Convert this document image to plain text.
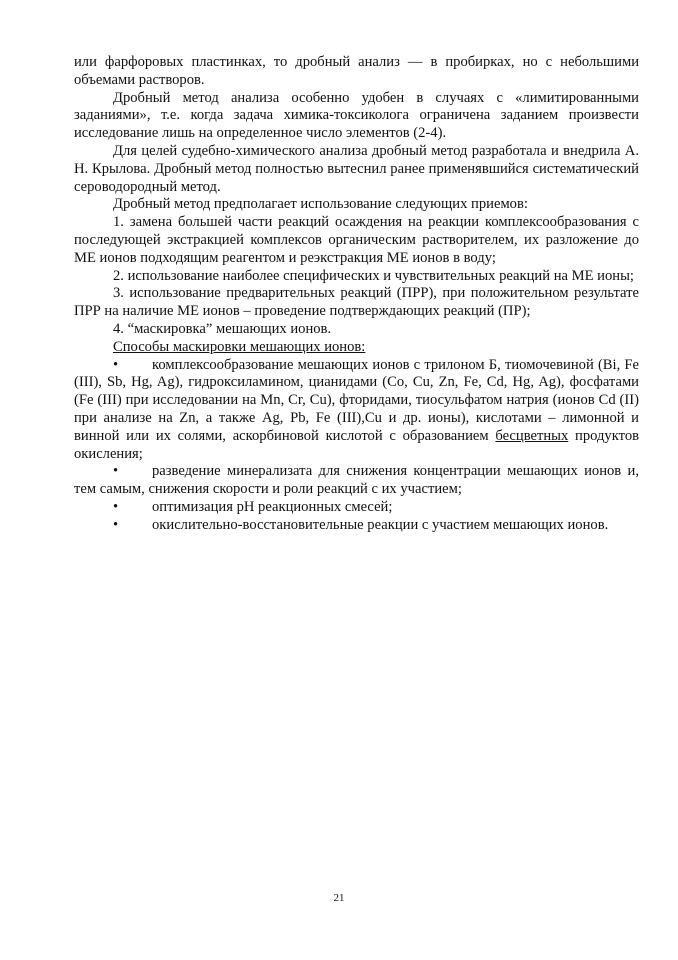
или фарфоровых пластинках, то дробный анализ — в пробирках, но с небольшими объемами растворов.

Дробный метод анализа особенно удобен в случаях с «лимитированными заданиями», т.е. когда задача химика-токсиколога ограничена заданием произвести исследование лишь на определенное число элементов (2-4).

Для целей судебно-химического анализа дробный метод разработала и внедрила А. Н. Крылова. Дробный метод полностью вытеснил ранее применявшийся систематический сероводородный метод.

Дробный метод предполагает использование следующих приемов:

1. замена большей части реакций осаждения на реакции комплексообразования с последующей экстракцией комплексов органическим растворителем, их разложение до МЕ ионов подходящим реагентом и реэкстракция МЕ ионов в воду;

2. использование наиболее специфических и чувствительных реакций на МЕ ионы;

3. использование предварительных реакций (ПРР), при положительном результате ПРР на наличие МЕ ионов – проведение подтверждающих реакций (ПР);

4. “маскировка” мешающих ионов.

Способы маскировки мешающих ионов:

• комплексообразование мешающих ионов с трилоном Б, тиомочевиной (Bi, Fe (III), Sb, Hg, Ag), гидроксиламином, цианидами (Co, Cu, Zn, Fe, Cd, Hg, Ag), фосфатами (Fe (III) при исследовании на Mn, Cr, Cu), фторидами, тиосульфатом натрия (ионов Cd (II) при анализе на Zn, а также Ag, Pb, Fe (III),Cu и др. ионы), кислотами – лимонной и винной или их солями, аскорбиновой кислотой с образованием бесцветных продуктов окисления;

• разведение минерализата для снижения концентрации мешающих ионов и, тем самым, снижения скорости и роли реакций с их участием;

• оптимизация pH реакционных смесей;

• окислительно-восстановительные реакции с участием мешающих ионов.

21
